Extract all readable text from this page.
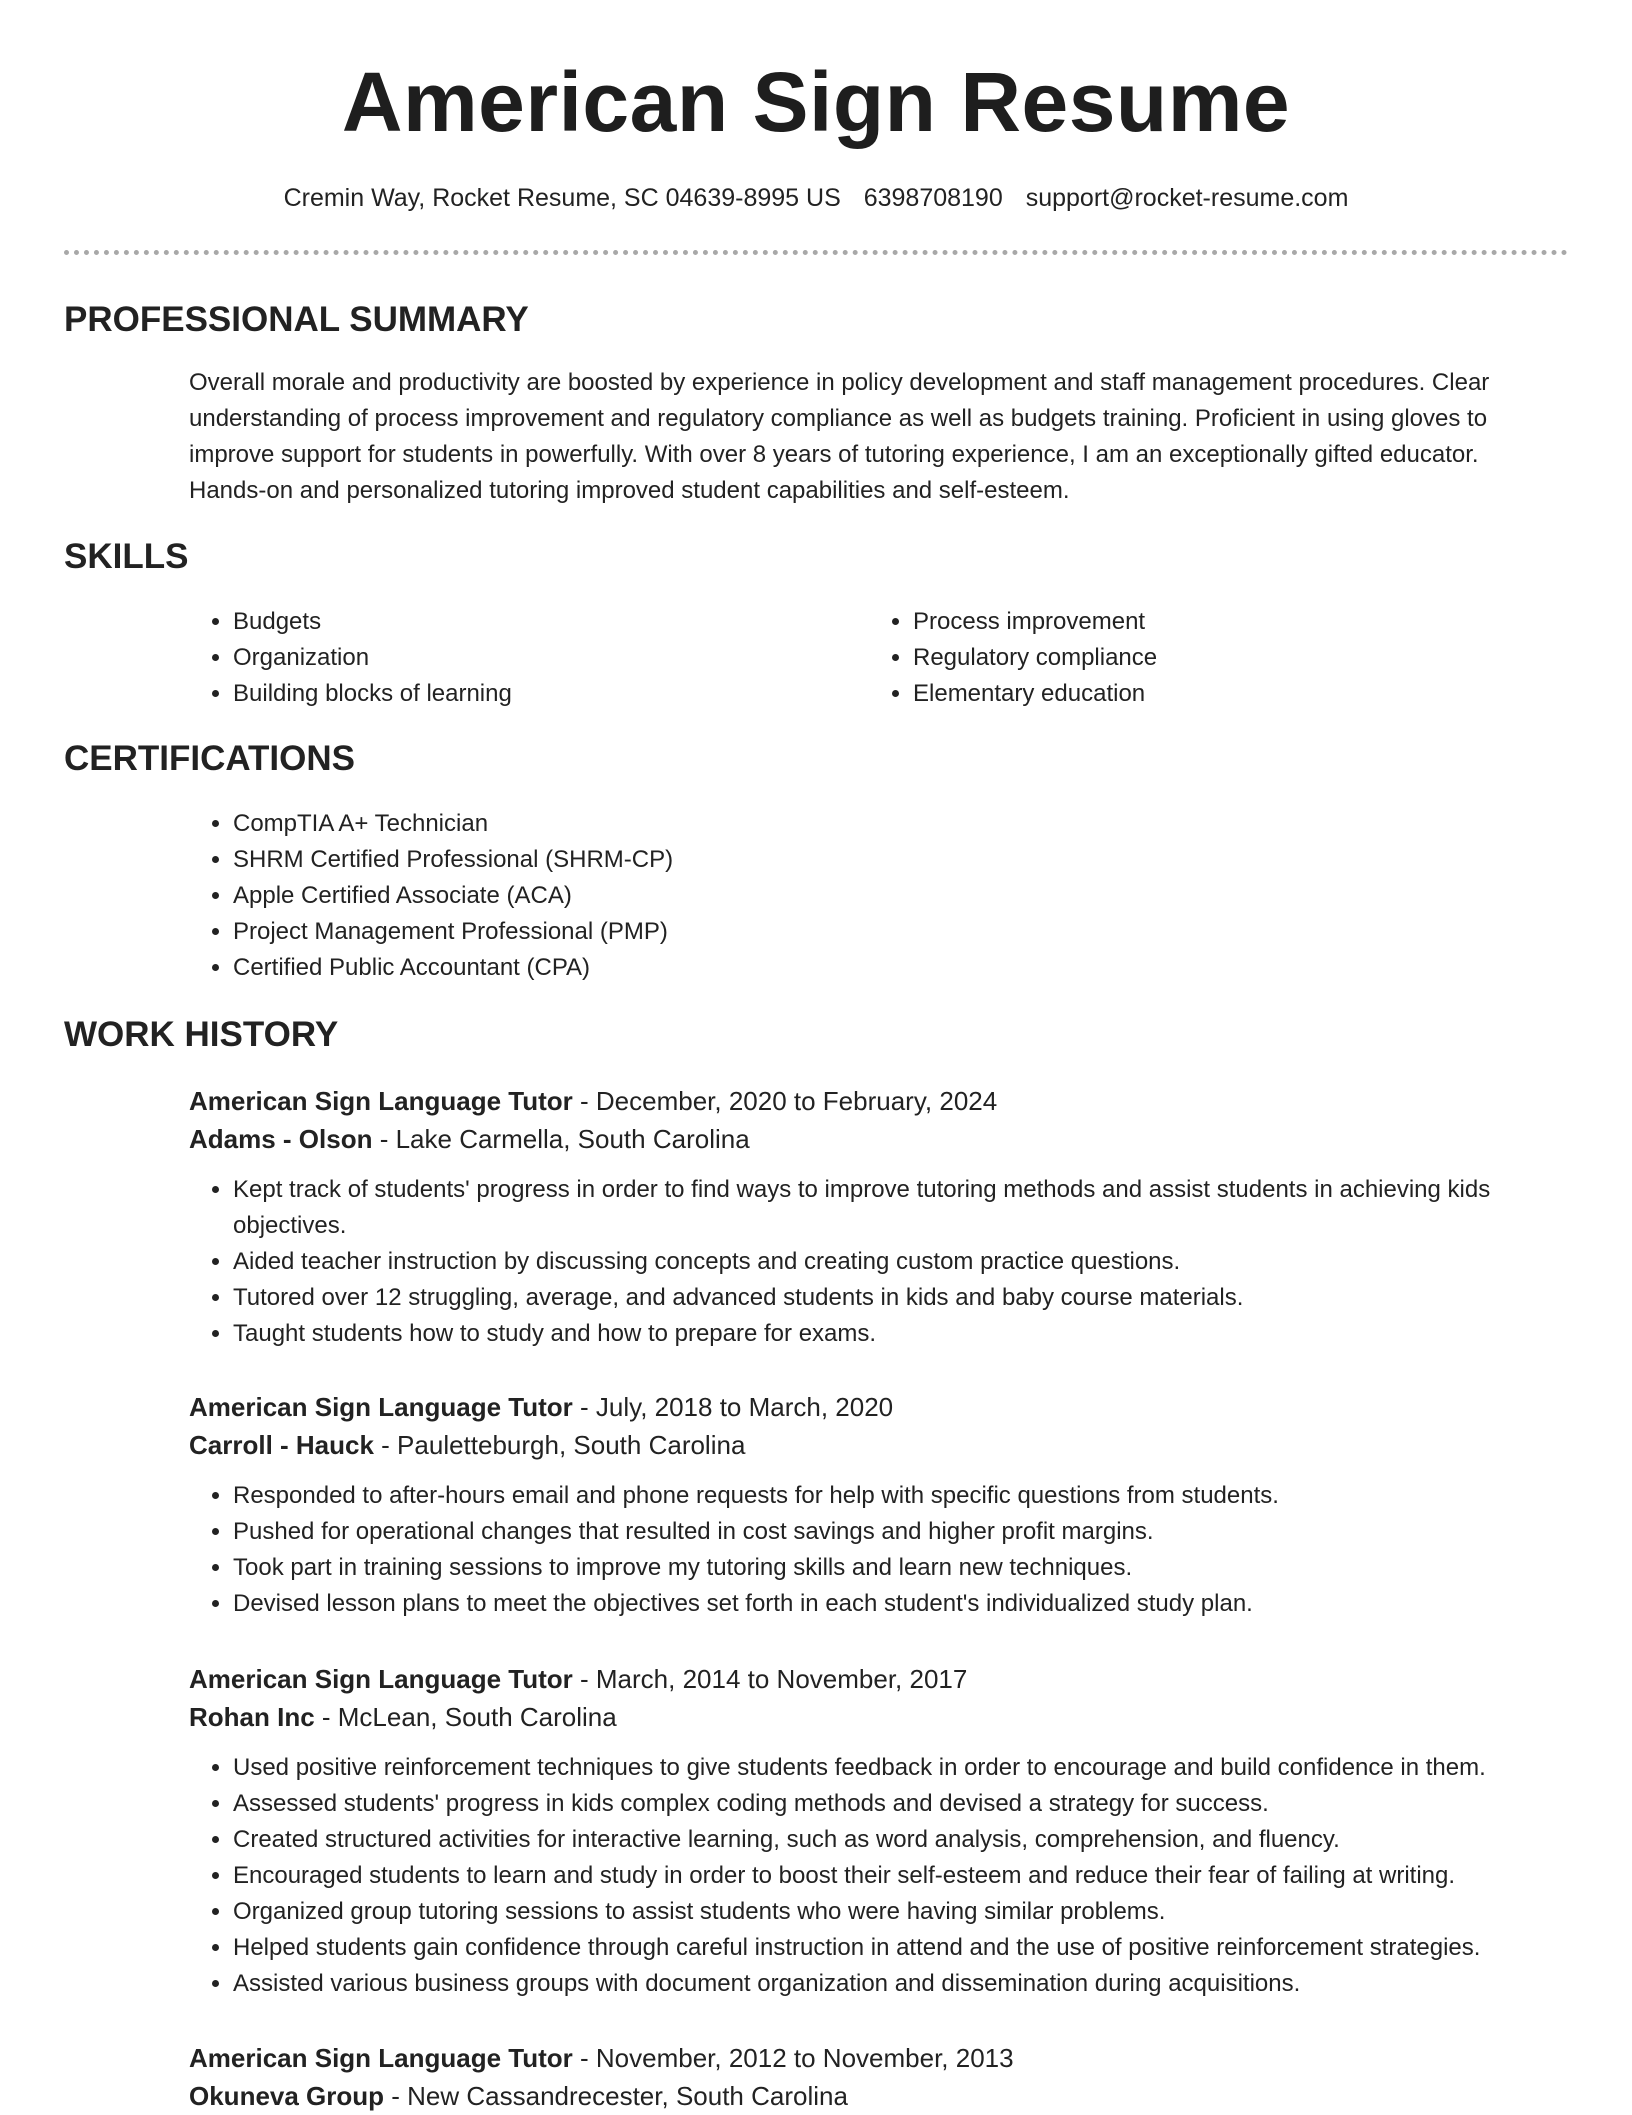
American Sign Resume
Cremin Way, Rocket Resume, SC 04639-8995 US 6398708190 support@rocket-resume.com
PROFESSIONAL SUMMARY
Overall morale and productivity are boosted by experience in policy development and staff management procedures. Clear understanding of process improvement and regulatory compliance as well as budgets training. Proficient in using gloves to improve support for students in powerfully. With over 8 years of tutoring experience, I am an exceptionally gifted educator. Hands-on and personalized tutoring improved student capabilities and self-esteem.
SKILLS
• Budgets
• Organization
• Building blocks of learning
• Process improvement
• Regulatory compliance
• Elementary education
CERTIFICATIONS
• CompTIA A+ Technician
• SHRM Certified Professional (SHRM-CP)
• Apple Certified Associate (ACA)
• Project Management Professional (PMP)
• Certified Public Accountant (CPA)
WORK HISTORY
American Sign Language Tutor - December, 2020 to February, 2024
Adams - Olson - Lake Carmella, South Carolina
• Kept track of students' progress in order to find ways to improve tutoring methods and assist students in achieving kids objectives.
• Aided teacher instruction by discussing concepts and creating custom practice questions.
• Tutored over 12 struggling, average, and advanced students in kids and baby course materials.
• Taught students how to study and how to prepare for exams.
American Sign Language Tutor - July, 2018 to March, 2020
Carroll - Hauck - Pauletteburgh, South Carolina
• Responded to after-hours email and phone requests for help with specific questions from students.
• Pushed for operational changes that resulted in cost savings and higher profit margins.
• Took part in training sessions to improve my tutoring skills and learn new techniques.
• Devised lesson plans to meet the objectives set forth in each student's individualized study plan.
American Sign Language Tutor - March, 2014 to November, 2017
Rohan Inc - McLean, South Carolina
• Used positive reinforcement techniques to give students feedback in order to encourage and build confidence in them.
• Assessed students' progress in kids complex coding methods and devised a strategy for success.
• Created structured activities for interactive learning, such as word analysis, comprehension, and fluency.
• Encouraged students to learn and study in order to boost their self-esteem and reduce their fear of failing at writing.
• Organized group tutoring sessions to assist students who were having similar problems.
• Helped students gain confidence through careful instruction in attend and the use of positive reinforcement strategies.
• Assisted various business groups with document organization and dissemination during acquisitions.
American Sign Language Tutor - November, 2012 to November, 2013
Okuneva Group - New Cassandrecester, South Carolina
